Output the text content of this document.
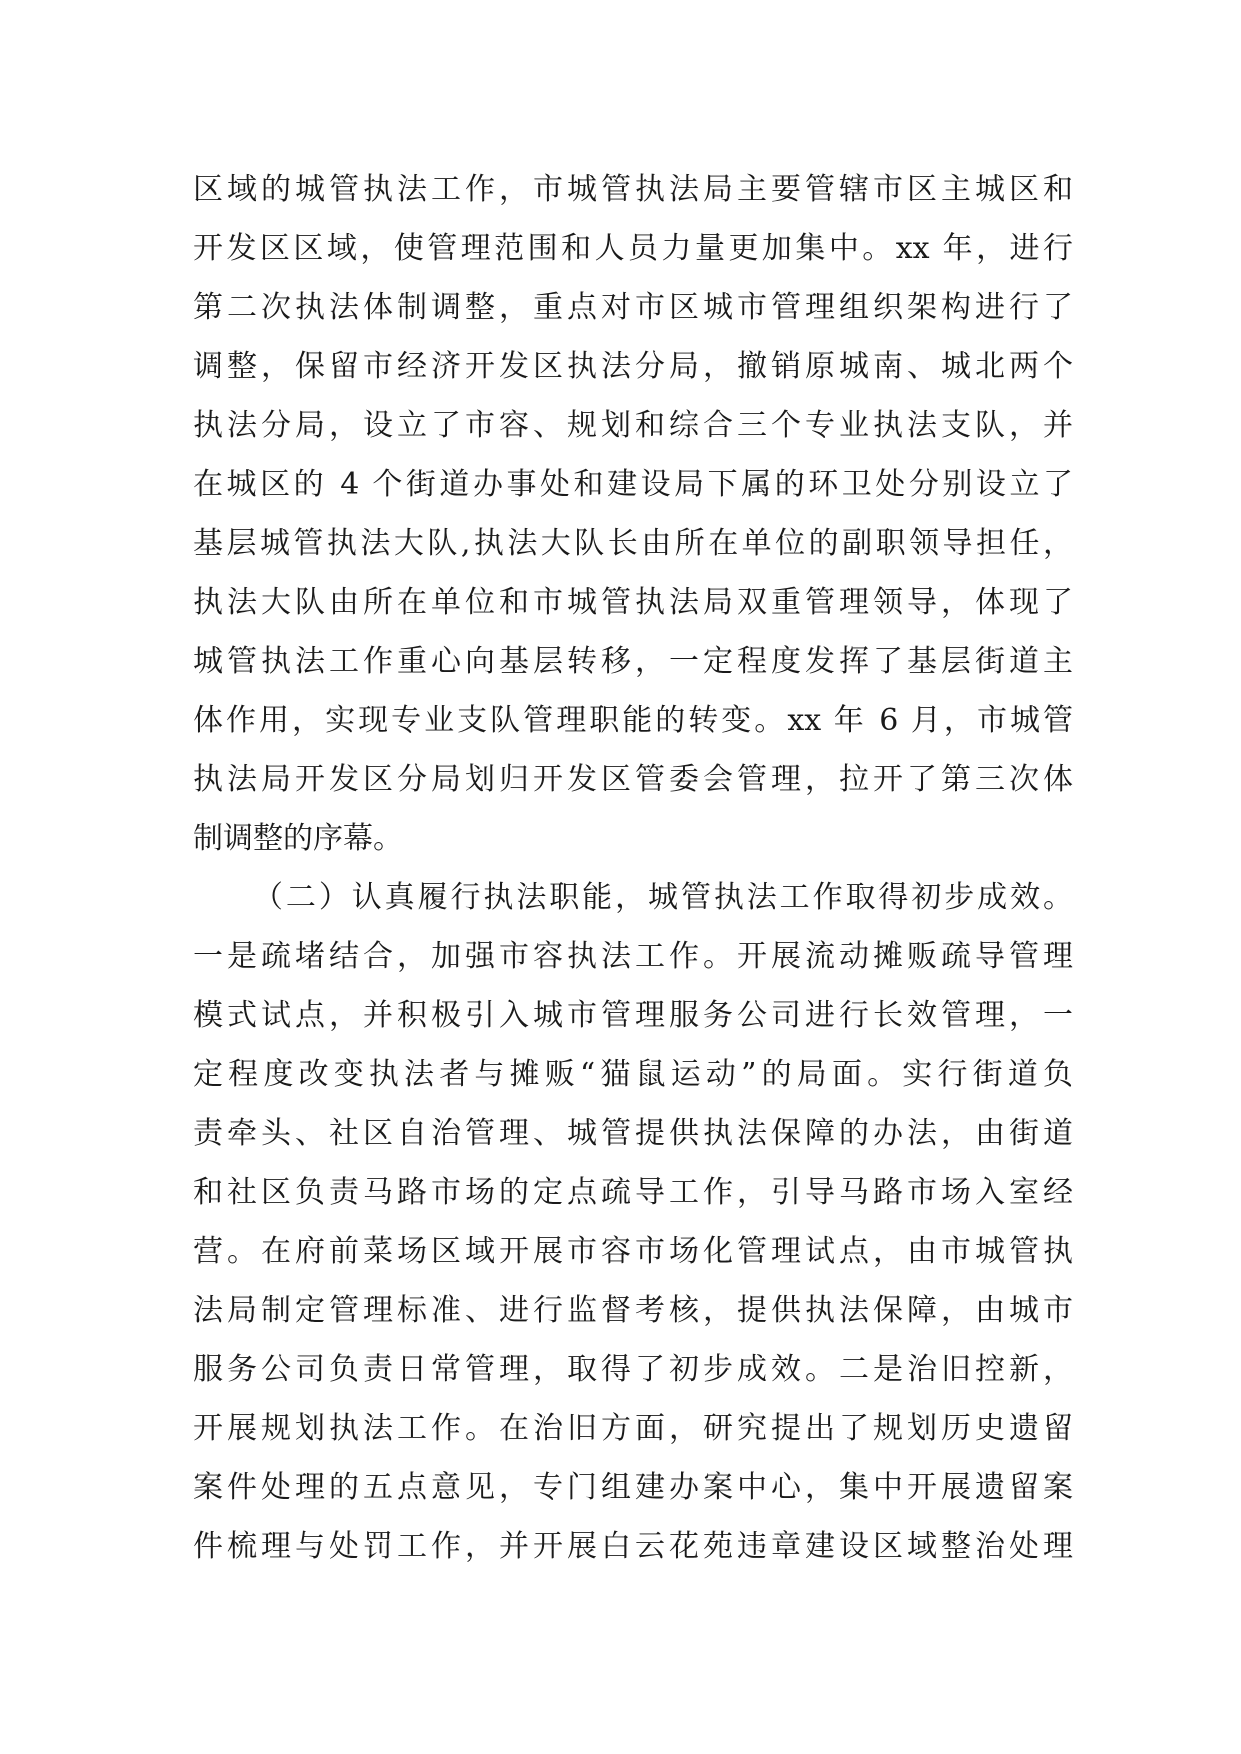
区域的城管执法工作，市城管执法局主要管辖市区主城区和
开发区区域，使管理范围和人员力量更加集中。xx 年，进行
第二次执法体制调整，重点对市区城市管理组织架构进行了
调整，保留市经济开发区执法分局，撤销原城南、城北两个
执法分局，设立了市容、规划和综合三个专业执法支队，并
在城区的 4 个街道办事处和建设局下属的环卫处分别设立了
基层城管执法大队,执法大队长由所在单位的副职领导担任，
执法大队由所在单位和市城管执法局双重管理领导，体现了
城管执法工作重心向基层转移，一定程度发挥了基层街道主
体作用，实现专业支队管理职能的转变。xx 年 6 月，市城管
执法局开发区分局划归开发区管委会管理，拉开了第三次体
制调整的序幕。
（二）认真履行执法职能，城管执法工作取得初步成效。
一是疏堵结合，加强市容执法工作。开展流动摊贩疏导管理
模式试点，并积极引入城市管理服务公司进行长效管理，一
定程度改变执法者与摊贩“猫鼠运动”的局面。实行街道负
责牵头、社区自治管理、城管提供执法保障的办法，由街道
和社区负责马路市场的定点疏导工作，引导马路市场入室经
营。在府前菜场区域开展市容市场化管理试点，由市城管执
法局制定管理标准、进行监督考核，提供执法保障，由城市
服务公司负责日常管理，取得了初步成效。二是治旧控新，
开展规划执法工作。在治旧方面，研究提出了规划历史遗留
案件处理的五点意见，专门组建办案中心，集中开展遗留案
件梳理与处罚工作，并开展白云花苑违章建设区域整治处理
